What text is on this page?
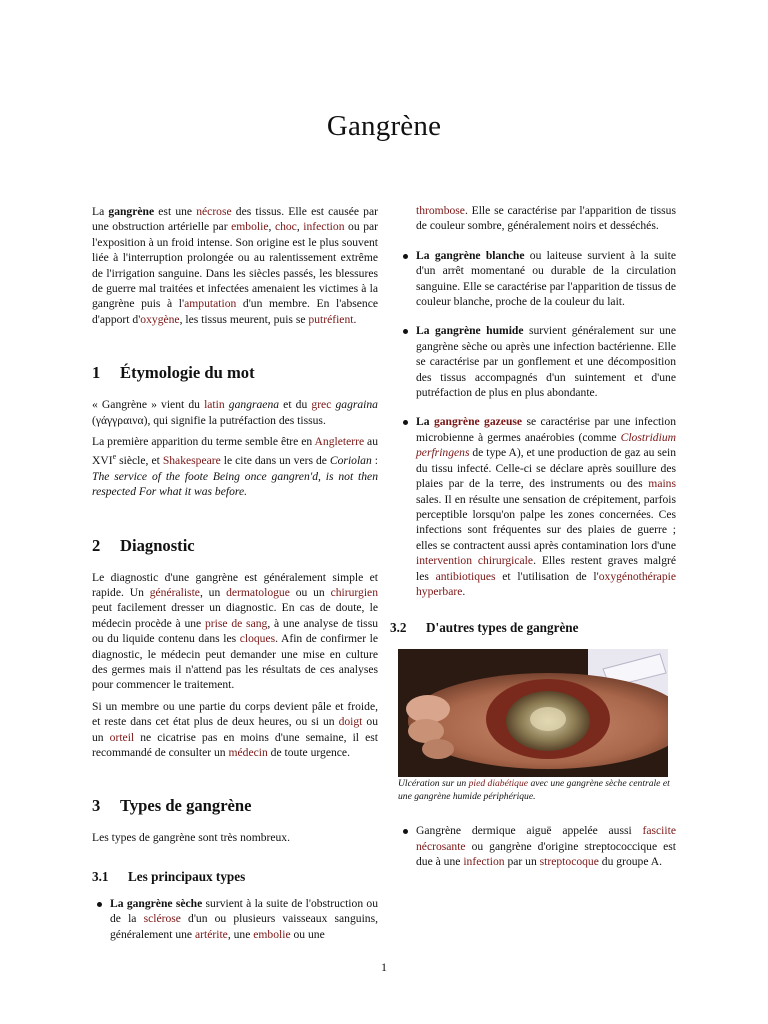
Gangrène

La gangrène est une nécrose des tissus. Elle est causée par une obstruction artérielle par embolie, choc, infection ou par l'exposition à un froid intense. Son origine est le plus souvent liée à l'interruption prolongée ou au ralentissement extrême de l'irrigation sanguine. Dans les siècles passés, les blessures de guerre mal traitées et infectées amenaient les victimes à la gangrène puis à l'amputation d'un membre. En l'absence d'apport d'oxygène, les tissus meurent, puis se putréfient.

1 Étymologie du mot

« Gangrène » vient du latin gangraena et du grec gagraina (γάγγραινα), qui signifie la putréfaction des tissus.

La première apparition du terme semble être en Angleterre au XVIe siècle, et Shakespeare le cite dans un vers de Coriolan : The service of the foote Being once gangren'd, is not then respected For what it was before.

2 Diagnostic

Le diagnostic d'une gangrène est généralement simple et rapide. Un généraliste, un dermatologue ou un chirurgien peut facilement dresser un diagnostic. En cas de doute, le médecin procède à une prise de sang, à une analyse de tissu ou du liquide contenu dans les cloques. Afin de confirmer le diagnostic, le médecin peut demander une mise en culture des germes mais il n'attend pas les résultats de ces analyses pour commencer le traitement.

Si un membre ou une partie du corps devient pâle et froide, et reste dans cet état plus de deux heures, ou si un doigt ou un orteil ne cicatrise pas en moins d'une semaine, il est recommandé de consulter un médecin de toute urgence.

3 Types de gangrène

Les types de gangrène sont très nombreux.

3.1 Les principaux types
La gangrène sèche survient à la suite de l'obstruction ou de la sclérose d'un ou plusieurs vaisseaux sanguins, généralement une artérite, une embolie ou une

thrombose. Elle se caractérise par l'apparition de tissus de couleur sombre, généralement noirs et desséchés.

La gangrène blanche ou laiteuse survient à la suite d'un arrêt momentané ou durable de la circulation sanguine. Elle se caractérise par l'apparition de tissus de couleur blanche, proche de la couleur du lait.
La gangrène humide survient généralement sur une gangrène sèche ou après une infection bactérienne. Elle se caractérise par un gonflement et une décomposition des tissus accompagnés d'un suintement et d'une putréfaction de plus en plus abondante.
La gangrène gazeuse se caractérise par une infection microbienne à germes anaérobies (comme Clostridium perfringens de type A), et une production de gaz au sein du tissu infecté. Celle-ci se déclare après souillure des plaies par de la terre, des instruments ou des mains sales. Il en résulte une sensation de crépitement, parfois perceptible lorsqu'on palpe les zones concernées. Ces infections sont fréquentes sur des plaies de guerre ; elles se contractent aussi après contamination lors d'une intervention chirurgicale. Elles restent graves malgré les antibiotiques et l'utilisation de l'oxygénothérapie hyperbare.
3.2 D'autres types de gangrène

Ulcération sur un pied diabétique avec une gangrène sèche centrale et une gangrène humide périphérique.

Gangrène dermique aiguë appelée aussi fasciite nécrosante ou gangrène d'origine streptococcique est due à une infection par un streptocoque du groupe A.
1
